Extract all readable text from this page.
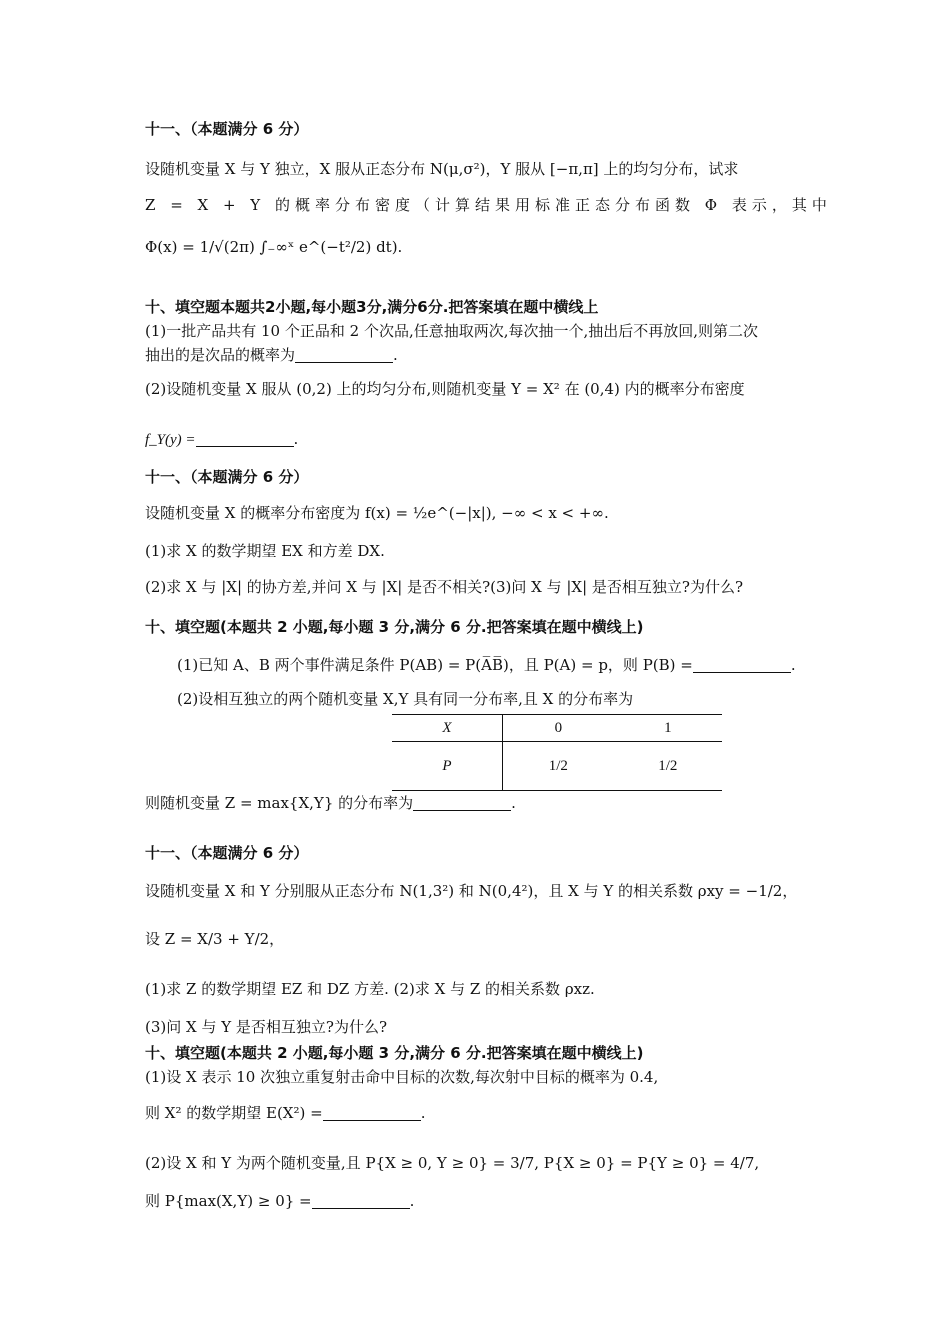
十一、（本题满分 6 分）
设随机变量 X 与 Y 独立，X 服从正态分布 N(μ,σ²)，Y 服从 [−π,π] 上的均匀分布，试求
Z = X + Y 的概率分布密度（计算结果用标准正态分布函数 Φ 表示，其中
Φ(x) = 1/√(2π) ∫₋∞ˣ e^(−t²/2) dt).
十、填空题本题共2小题,每小题3分,满分6分.把答案填在题中横线上
(1)一批产品共有 10 个正品和 2 个次品,任意抽取两次,每次抽一个,抽出后不再放回,则第二次
抽出的是次品的概率为	.
(2)设随机变量 X 服从 (0,2) 上的均匀分布,则随机变量 Y = X² 在 (0,4) 内的概率分布密度
f_Y(y) =	.
十一、（本题满分 6 分）
设随机变量 X 的概率分布密度为 f(x) = ½e^(−|x|), −∞ < x < +∞.
(1)求 X 的数学期望 EX 和方差 DX.
(2)求 X 与 |X| 的协方差,并问 X 与 |X| 是否不相关?(3)问 X 与 |X| 是否相互独立?为什么?
十、填空题(本题共 2 小题,每小题 3 分,满分 6 分.把答案填在题中横线上)
(1)已知 A、B 两个事件满足条件 P(AB) = P(A̅B̅)，且 P(A) = p，则 P(B) =	.
(2)设相互独立的两个随机变量 X,Y 具有同一分布率,且 X 的分布率为
X	0	1
P	1/2	1/2
则随机变量 Z = max{X,Y} 的分布率为	.
十一、（本题满分 6 分）
设随机变量 X 和 Y 分别服从正态分布 N(1,3²) 和 N(0,4²)，且 X 与 Y 的相关系数 ρxy = −1/2，
设 Z = X/3 + Y/2，
(1)求 Z 的数学期望 EZ 和 DZ 方差. (2)求 X 与 Z 的相关系数 ρxz.
(3)问 X 与 Y 是否相互独立?为什么?
十、填空题(本题共 2 小题,每小题 3 分,满分 6 分.把答案填在题中横线上)
(1)设 X 表示 10 次独立重复射击命中目标的次数,每次射中目标的概率为 0.4,
则 X² 的数学期望 E(X²) =	.
(2)设 X 和 Y 为两个随机变量,且 P{X ≥ 0, Y ≥ 0} = 3/7, P{X ≥ 0} = P{Y ≥ 0} = 4/7,
则 P{max(X,Y) ≥ 0} =	.
